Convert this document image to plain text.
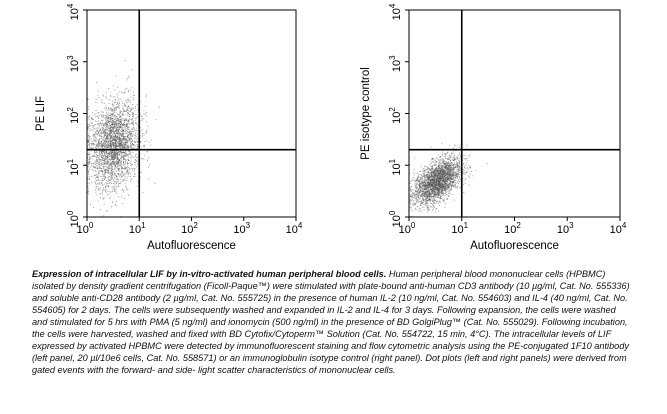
$10^0$	$10^1$	$10^2$	$10^3$	$10^4$
$10^0$
$10^1$
$10^2$
$10^3$
$10^4$
Autofluorescence
PE LIF
$10^0$	$10^1$	$10^2$	$10^3$	$10^4$
$10^0$
$10^1$
$10^2$
$10^3$
$10^4$
Autofluorescence
PE isotype control
Expression of intracellular LIF by in-vitro-activated human peripheral blood cells. Human peripheral blood mononuclear cells (HPBMC) isolated by density gradient centrifugation (Ficoll-Paque™) were stimulated with plate-bound anti-human CD3 antibody (10 µg/ml, Cat. No. 555336) and soluble anti-CD28 antibody (2 µg/ml, Cat. No. 555725) in the presence of human IL-2 (10 ng/ml, Cat. No. 554603) and IL-4 (40 ng/ml, Cat. No. 554605) for 2 days. The cells were subsequently washed and expanded in IL-2 and IL-4 for 3 days. Following expansion, the cells were washed and stimulated for 5 hrs with PMA (5 ng/ml) and ionomycin (500 ng/ml) in the presence of BD GolgiPlug™ (Cat. No. 555029). Following incubation, the cells were harvested, washed and fixed with BD Cytofix/Cytoperm™ Solution (Cat. No. 554722, 15 min, 4°C). The intracellular levels of LIF expressed by activated HPBMC were detected by immunofluorescent staining and flow cytometric analysis using the PE-conjugated 1F10 antibody (left panel, 20 µl/10e6 cells, Cat. No. 558571) or an immunoglobulin isotype control (right panel). Dot plots (left and right panels) were derived from gated events with the forward- and side- light scatter characteristics of mononuclear cells.
